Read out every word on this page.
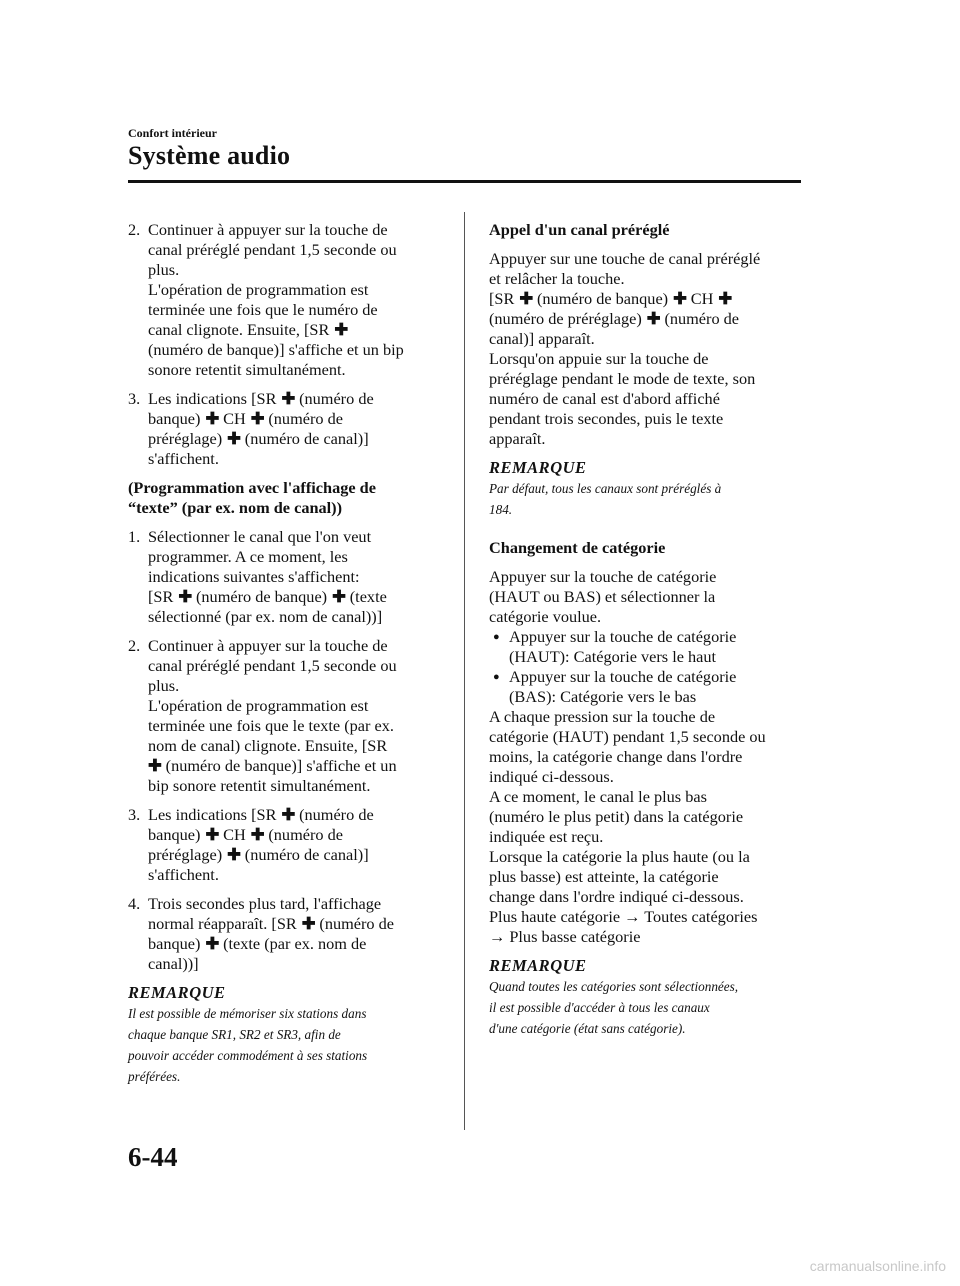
Confort intérieur
Système audio
2. Continuer à appuyer sur la touche de
canal préréglé pendant 1,5 seconde ou
plus.
L'opération de programmation est
terminée une fois que le numéro de
canal clignote. Ensuite, [SR ✚
(numéro de banque)] s'affiche et un bip
sonore retentit simultanément.
3. Les indications [SR ✚ (numéro de
banque) ✚ CH ✚ (numéro de
préréglage) ✚ (numéro de canal)]
s'affichent.
(Programmation avec l'affichage de
“texte” (par ex. nom de canal))
1. Sélectionner le canal que l'on veut
programmer. A ce moment, les
indications suivantes s'affichent:
[SR ✚ (numéro de banque) ✚ (texte
sélectionné (par ex. nom de canal))]
2. Continuer à appuyer sur la touche de
canal préréglé pendant 1,5 seconde ou
plus.
L'opération de programmation est
terminée une fois que le texte (par ex.
nom de canal) clignote. Ensuite, [SR
✚ (numéro de banque)] s'affiche et un
bip sonore retentit simultanément.
3. Les indications [SR ✚ (numéro de
banque) ✚ CH ✚ (numéro de
préréglage) ✚ (numéro de canal)]
s'affichent.
4. Trois secondes plus tard, l'affichage
normal réapparaît. [SR ✚ (numéro de
banque) ✚ (texte (par ex. nom de
canal))]
REMARQUE
Il est possible de mémoriser six stations dans
chaque banque SR1, SR2 et SR3, afin de
pouvoir accéder commodément à ses stations
préférées.
Appel d'un canal préréglé
Appuyer sur une touche de canal préréglé
et relâcher la touche.
[SR ✚ (numéro de banque) ✚ CH ✚
(numéro de préréglage) ✚ (numéro de
canal)] apparaît.
Lorsqu'on appuie sur la touche de
préréglage pendant le mode de texte, son
numéro de canal est d'abord affiché
pendant trois secondes, puis le texte
apparaît.
REMARQUE
Par défaut, tous les canaux sont préréglés à
184.
Changement de catégorie
Appuyer sur la touche de catégorie
(HAUT ou BAS) et sélectionner la
catégorie voulue.
● Appuyer sur la touche de catégorie
(HAUT): Catégorie vers le haut
● Appuyer sur la touche de catégorie
(BAS): Catégorie vers le bas
A chaque pression sur la touche de
catégorie (HAUT) pendant 1,5 seconde ou
moins, la catégorie change dans l'ordre
indiqué ci-dessous.
A ce moment, le canal le plus bas
(numéro le plus petit) dans la catégorie
indiquée est reçu.
Lorsque la catégorie la plus haute (ou la
plus basse) est atteinte, la catégorie
change dans l'ordre indiqué ci-dessous.
Plus haute catégorie → Toutes catégories
→ Plus basse catégorie
REMARQUE
Quand toutes les catégories sont sélectionnées,
il est possible d'accéder à tous les canaux
d'une catégorie (état sans catégorie).
6-44
carmanualsonline.info
